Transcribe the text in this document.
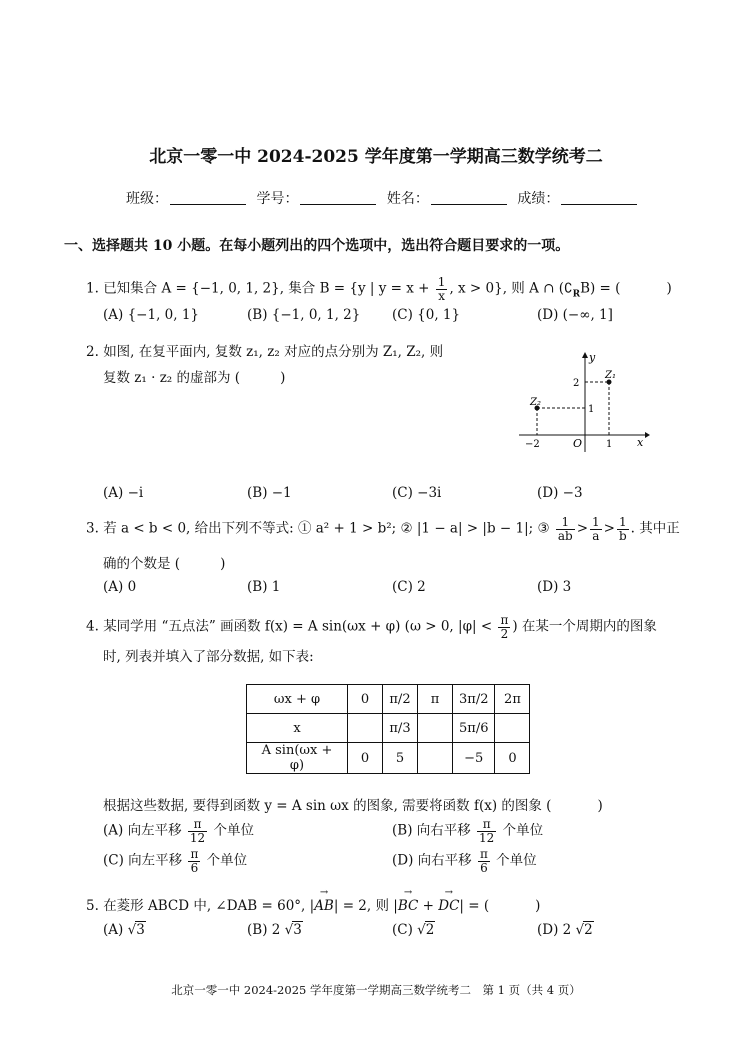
北京一零一中 2024-2025 学年度第一学期高三数学统考二
班级：	学号：	姓名：	成绩：
一、选择题共 10 小题。在每小题列出的四个选项中，选出符合题目要求的一项。
1. 已知集合 A = {−1, 0, 1, 2}, 集合 B = {y | $y = x + \frac{1}{x}$ , x > 0}, 则 A ∩ $(∁_RB)$ = (	)
(A) {−1, 0, 1}	(B) {−1, 0, 1, 2} (C) {0, 1}	(D) (−∞, 1]
2. 如图, 在复平面内, 复数 z₁, z₂ 对应的点分别为 Z₁, Z₂, 则
复数 z₁ · z₂ 的虚部为 (	)
y
x
O
Z₁
Z₂
2
1
−2	1
(A) −i	(B) −1	(C) −3i	(D) −3
3. 若 a < b < 0, 给出下列不等式: ① a² + 1 > b²; ② |1 − a| > |b − 1|; ③ $\frac{1}{ab} > \frac{1}{a} > \frac{1}{b}$ . 其中正
确的个数是 (	)
(A) 0	(B) 1	(C) 2	(D) 3
4. 某同学用 “五点法” 画函数 f(x) = A sin(ωx + φ) (ω > 0, $|\varphi| < \frac{\pi}{2}$ ) 在某一个周期内的图象
时, 列表并填入了部分数据, 如下表:
ωx + φ	0	π/2	π	3π/2	2π
x		π/3		5π/6	
A sin(ωx + φ)	0	5		−5	0
根据这些数据, 要得到函数 y = A sin ωx 的图象, 需要将函数 f(x) 的图象 (	)
(A) 向左平移 $\frac{\pi}{12}$ 个单位	(B) 向右平移 $\frac{\pi}{12}$ 个单位
(C) 向左平移 $\frac{\pi}{6}$ 个单位	(D) 向右平移 $\frac{\pi}{6}$ 个单位
5. 在菱形 ABCD 中, ∠DAB = 60°, |→ AB| = 2, 则 |→ BC + → DC| = (	)
(A) √3	(B) 2 √3	(C) √2	(D) 2 √2
北京一零一中 2024-2025 学年度第一学期高三数学统考二　第 1 页（共 4 页）
